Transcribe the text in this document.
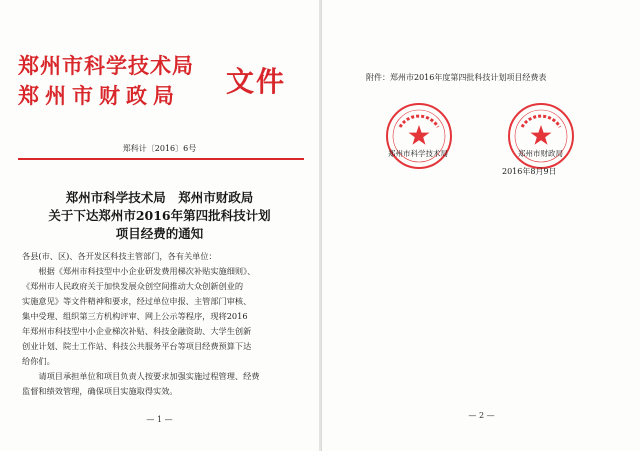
郑州市科学技术局
郑州市财政局 文件
郑科计〔2016〕6号
郑州市科学技术局　郑州市财政局
关于下达郑州市2016年第四批科技计划
项目经费的通知
各县(市、区)、各开发区科技主管部门，各有关单位：
　　根据《郑州市科技型中小企业研发费用梯次补贴实施细则》、
《郑州市人民政府关于加快发展众创空间推动大众创新创业的
实施意见》等文件精神和要求，经过单位申报、主管部门审核、
集中受理、组织第三方机构评审、网上公示等程序，现将2016
年郑州市科技型中小企业梯次补贴、科技金融资助、大学生创新
创业计划、院士工作站、科技公共服务平台等项目经费预算下达
给你们。
　　请项目承担单位和项目负责人按要求加强实施过程管理、经费
监督和绩效管理，确保项目实施取得实效。
— 1 —
附件：郑州市2016年度第四批科技计划项目经费表
郑州市科学技术局	郑州市财政局
2016年8月9日
— 2 —
